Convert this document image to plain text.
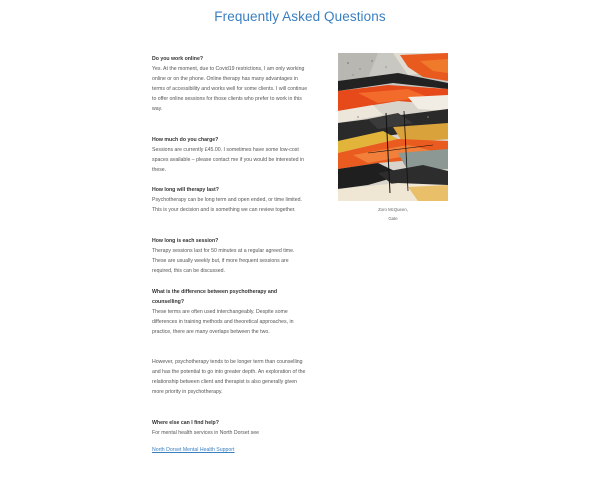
Frequently Asked Questions

Do you work online?

Yes. At the moment, due to Covid19 restrictions, I am only working online or on the phone. Online therapy has many advantages in terms of accessibility and works well for some clients. I will continue to offer online sessions for those clients who prefer to work in this way.

How much do you charge?

Sessions are currently £45.00. I sometimes have some low-cost spaces available – please contact me if you would be interested in these.

How long will therapy last?

Psychotherapy can be long term and open ended, or time limited. This is your decision and is something we can review together.

How long is each session?

Therapy sessions last for 50 minutes at a regular agreed time. These are usually weekly but, if more frequent sessions are required, this can be discussed.

What is the difference between psychotherapy and counselling?

These terms are often used interchangeably. Despite some differences in training methods and theoretical approaches, in practice, there are many overlaps between the two.

However, psychotherapy tends to be longer term than counselling and has the potential to go into greater depth. An exploration of the relationship between client and therapist is also generally given more priority in psychotherapy.

Where else can I find help?

For mental health services in North Dorset see

North Dorset Mental Health Support
Zoro McQueen,
Gate
